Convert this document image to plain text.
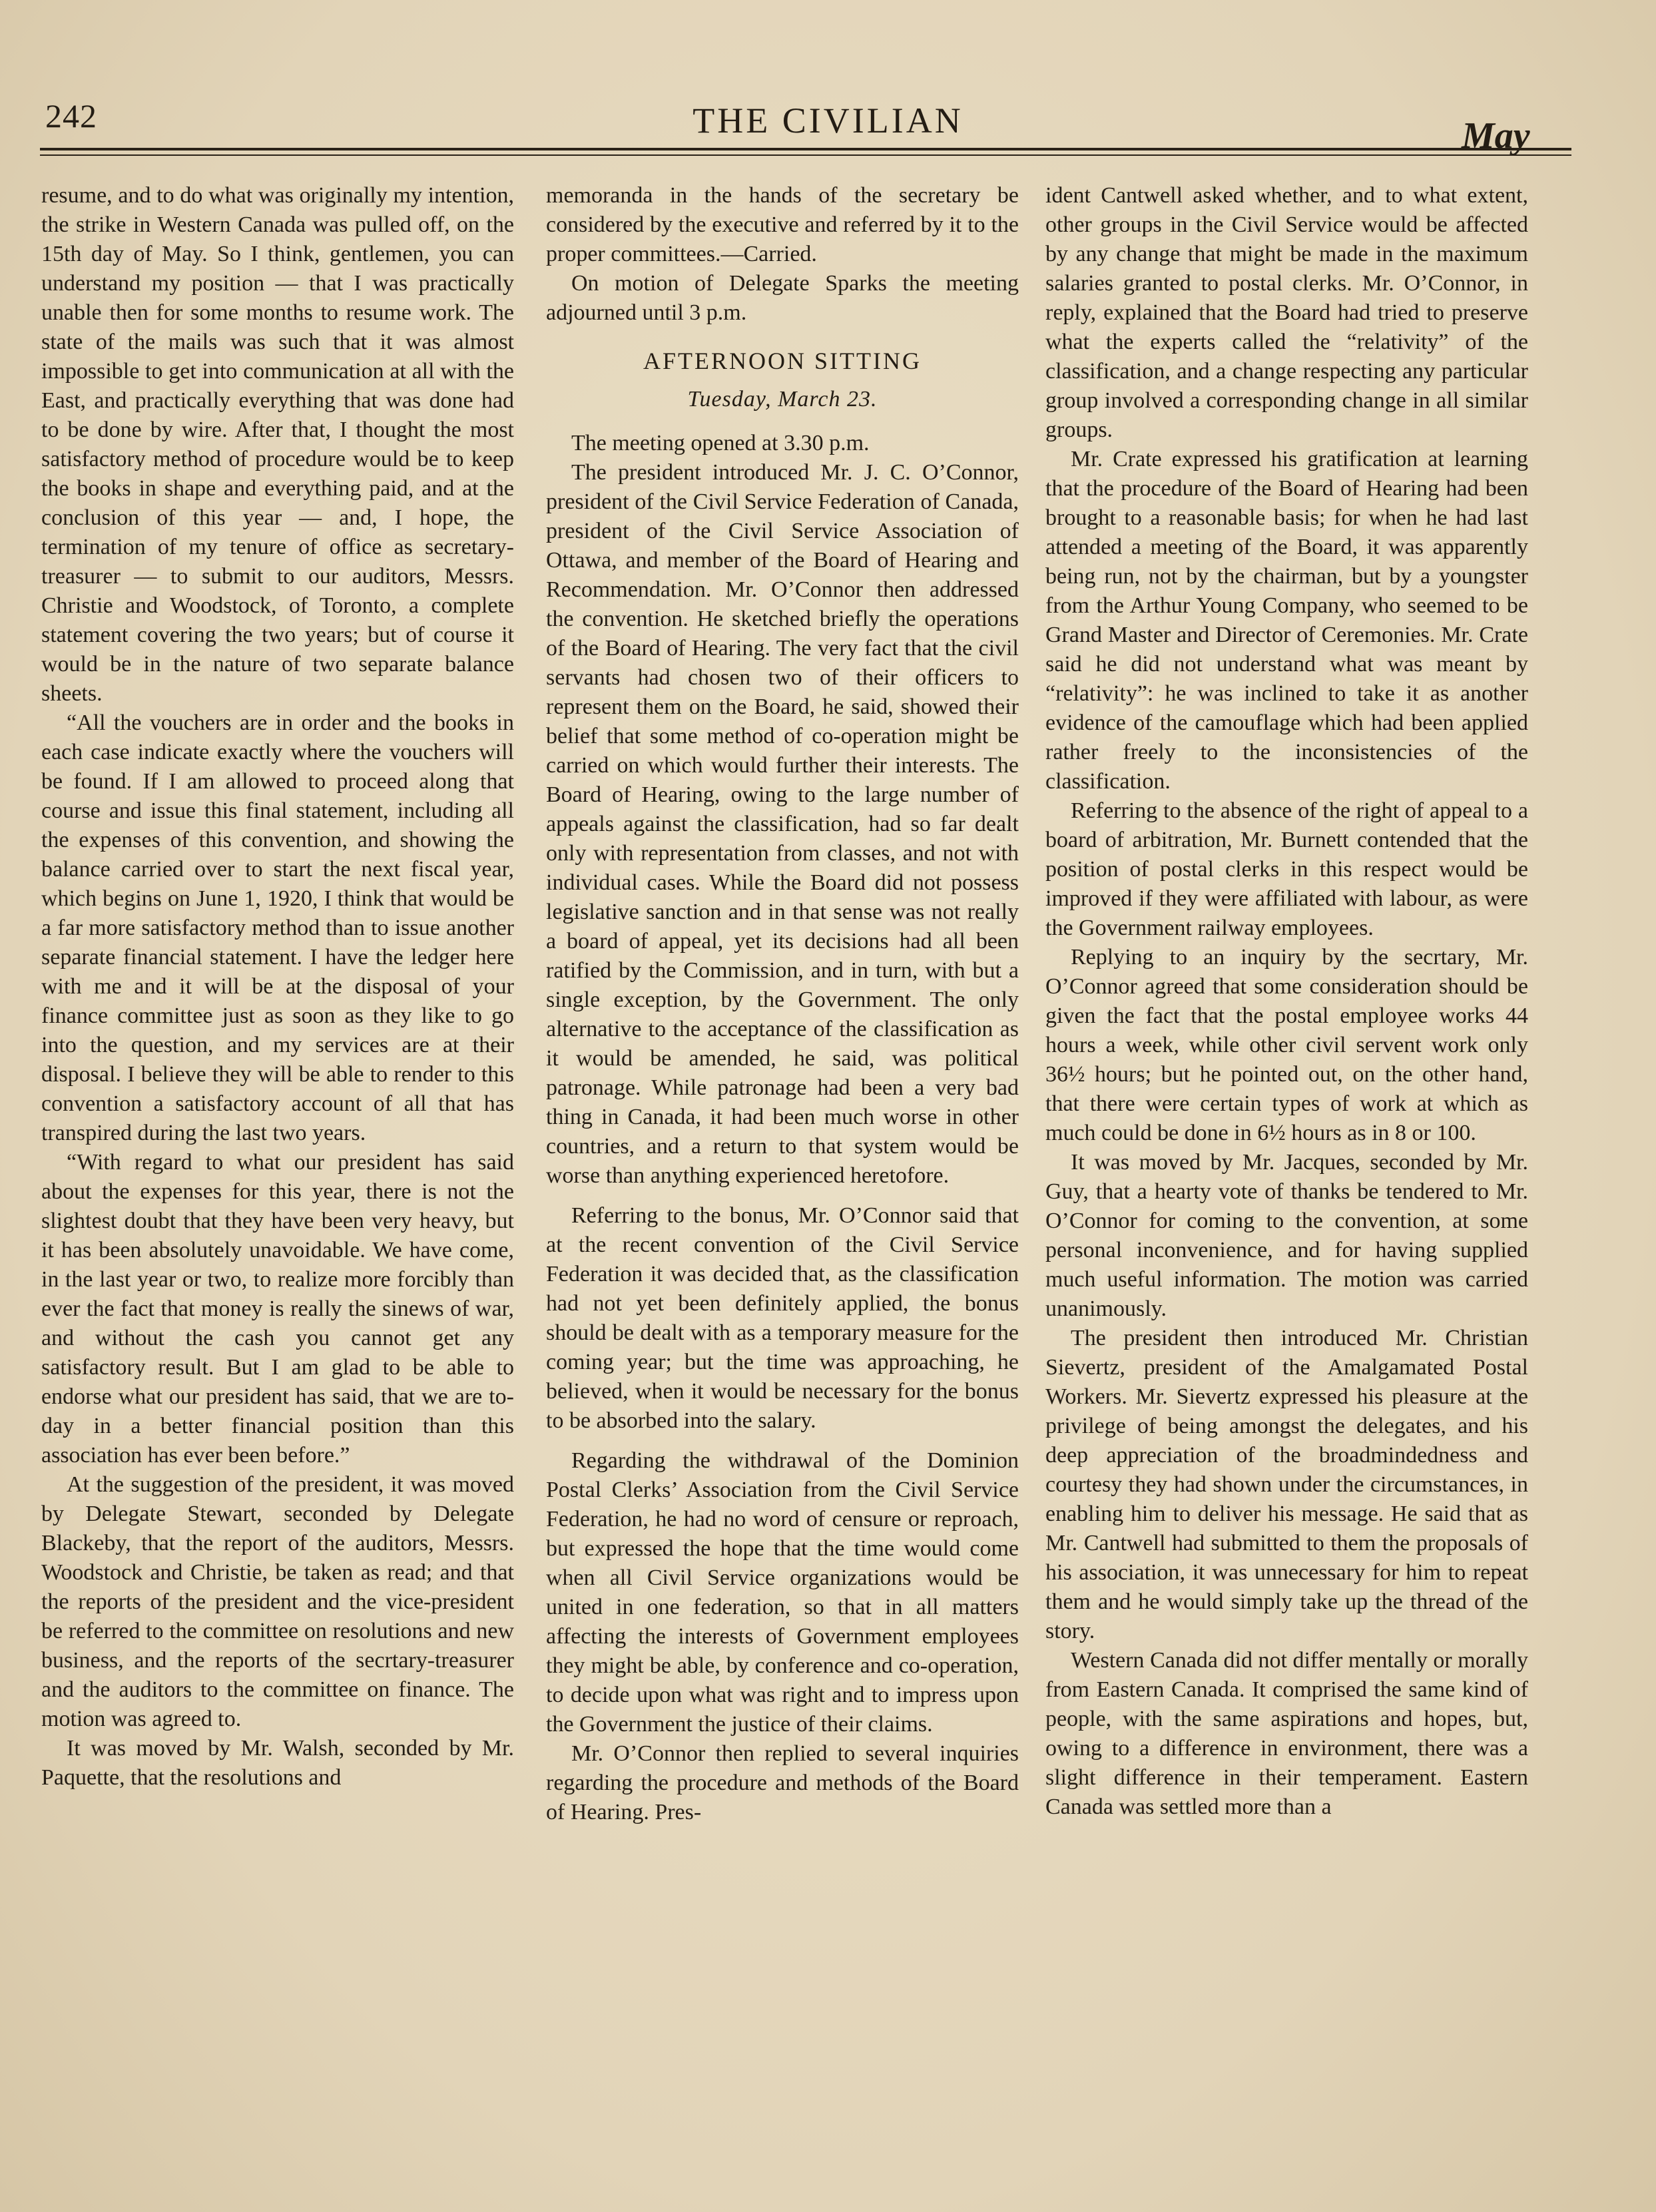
242	THE CIVILIAN	May

resume, and to do what was originally my intention, the strike in Western Canada was pulled off, on the 15th day of May. So I think, gentlemen, you can understand my position — that I was practically unable then for some months to resume work. The state of the mails was such that it was almost impossible to get into communication at all with the East, and practically everything that was done had to be done by wire. After that, I thought the most satisfactory method of procedure would be to keep the books in shape and everything paid, and at the conclusion of this year — and, I hope, the termination of my tenure of office as secretary-treasurer — to submit to our auditors, Messrs. Christie and Woodstock, of Toronto, a complete statement covering the two years; but of course it would be in the nature of two separate balance sheets.

“All the vouchers are in order and the books in each case indicate exactly where the vouchers will be found. If I am allowed to proceed along that course and issue this final statement, including all the expenses of this convention, and showing the balance carried over to start the next fiscal year, which begins on June 1, 1920, I think that would be a far more satisfactory method than to issue another separate financial statement. I have the ledger here with me and it will be at the disposal of your finance committee just as soon as they like to go into the question, and my services are at their disposal. I believe they will be able to render to this convention a satisfactory account of all that has transpired during the last two years.

“With regard to what our president has said about the expenses for this year, there is not the slightest doubt that they have been very heavy, but it has been absolutely unavoidable. We have come, in the last year or two, to realize more forcibly than ever the fact that money is really the sinews of war, and without the cash you cannot get any satisfactory result. But I am glad to be able to endorse what our president has said, that we are to-day in a better financial position than this association has ever been before.”

At the suggestion of the president, it was moved by Delegate Stewart, seconded by Delegate Blackeby, that the report of the auditors, Messrs. Woodstock and Christie, be taken as read; and that the reports of the president and the vice-president be referred to the committee on resolutions and new business, and the reports of the secrtary-treasurer and the auditors to the committee on finance. The motion was agreed to.

It was moved by Mr. Walsh, seconded by Mr. Paquette, that the resolutions and

memoranda in the hands of the secretary be considered by the executive and referred by it to the proper committees.—Carried.

On motion of Delegate Sparks the meeting adjourned until 3 p.m.

AFTERNOON SITTING
Tuesday, March 23.

The meeting opened at 3.30 p.m.

The president introduced Mr. J. C. O’Connor, president of the Civil Service Federation of Canada, president of the Civil Service Association of Ottawa, and member of the Board of Hearing and Recommendation. Mr. O’Connor then addressed the convention. He sketched briefly the operations of the Board of Hearing. The very fact that the civil servants had chosen two of their officers to represent them on the Board, he said, showed their belief that some method of co-operation might be carried on which would further their interests. The Board of Hearing, owing to the large number of appeals against the classification, had so far dealt only with representation from classes, and not with individual cases. While the Board did not possess legislative sanction and in that sense was not really a board of appeal, yet its decisions had all been ratified by the Commission, and in turn, with but a single exception, by the Government. The only alternative to the acceptance of the classification as it would be amended, he said, was political patronage. While patronage had been a very bad thing in Canada, it had been much worse in other countries, and a return to that system would be worse than anything experienced heretofore.

Referring to the bonus, Mr. O’Connor said that at the recent convention of the Civil Service Federation it was decided that, as the classification had not yet been definitely applied, the bonus should be dealt with as a temporary measure for the coming year; but the time was approaching, he believed, when it would be necessary for the bonus to be absorbed into the salary.

Regarding the withdrawal of the Dominion Postal Clerks’ Association from the Civil Service Federation, he had no word of censure or reproach, but expressed the hope that the time would come when all Civil Service organizations would be united in one federation, so that in all matters affecting the interests of Government employees they might be able, by conference and co-operation, to decide upon what was right and to impress upon the Government the justice of their claims.

Mr. O’Connor then replied to several inquiries regarding the procedure and methods of the Board of Hearing. Pres-

ident Cantwell asked whether, and to what extent, other groups in the Civil Service would be affected by any change that might be made in the maximum salaries granted to postal clerks. Mr. O’Connor, in reply, explained that the Board had tried to preserve what the experts called the “relativity” of the classification, and a change respecting any particular group involved a corresponding change in all similar groups.

Mr. Crate expressed his gratification at learning that the procedure of the Board of Hearing had been brought to a reasonable basis; for when he had last attended a meeting of the Board, it was apparently being run, not by the chairman, but by a youngster from the Arthur Young Company, who seemed to be Grand Master and Director of Ceremonies. Mr. Crate said he did not understand what was meant by “relativity”: he was inclined to take it as another evidence of the camouflage which had been applied rather freely to the inconsistencies of the classification.

Referring to the absence of the right of appeal to a board of arbitration, Mr. Burnett contended that the position of postal clerks in this respect would be improved if they were affiliated with labour, as were the Government railway employees.

Replying to an inquiry by the secrtary, Mr. O’Connor agreed that some consideration should be given the fact that the postal employee works 44 hours a week, while other civil servent work only 36½ hours; but he pointed out, on the other hand, that there were certain types of work at which as much could be done in 6½ hours as in 8 or 100.

It was moved by Mr. Jacques, seconded by Mr. Guy, that a hearty vote of thanks be tendered to Mr. O’Connor for coming to the convention, at some personal inconvenience, and for having supplied much useful information. The motion was carried unanimously.

The president then introduced Mr. Christian Sievertz, president of the Amalgamated Postal Workers. Mr. Sievertz expressed his pleasure at the privilege of being amongst the delegates, and his deep appreciation of the broadmindedness and courtesy they had shown under the circumstances, in enabling him to deliver his message. He said that as Mr. Cantwell had submitted to them the proposals of his association, it was unnecessary for him to repeat them and he would simply take up the thread of the story.

Western Canada did not differ mentally or morally from Eastern Canada. It comprised the same kind of people, with the same aspirations and hopes, but, owing to a difference in environment, there was a slight difference in their temperament. Eastern Canada was settled more than a
